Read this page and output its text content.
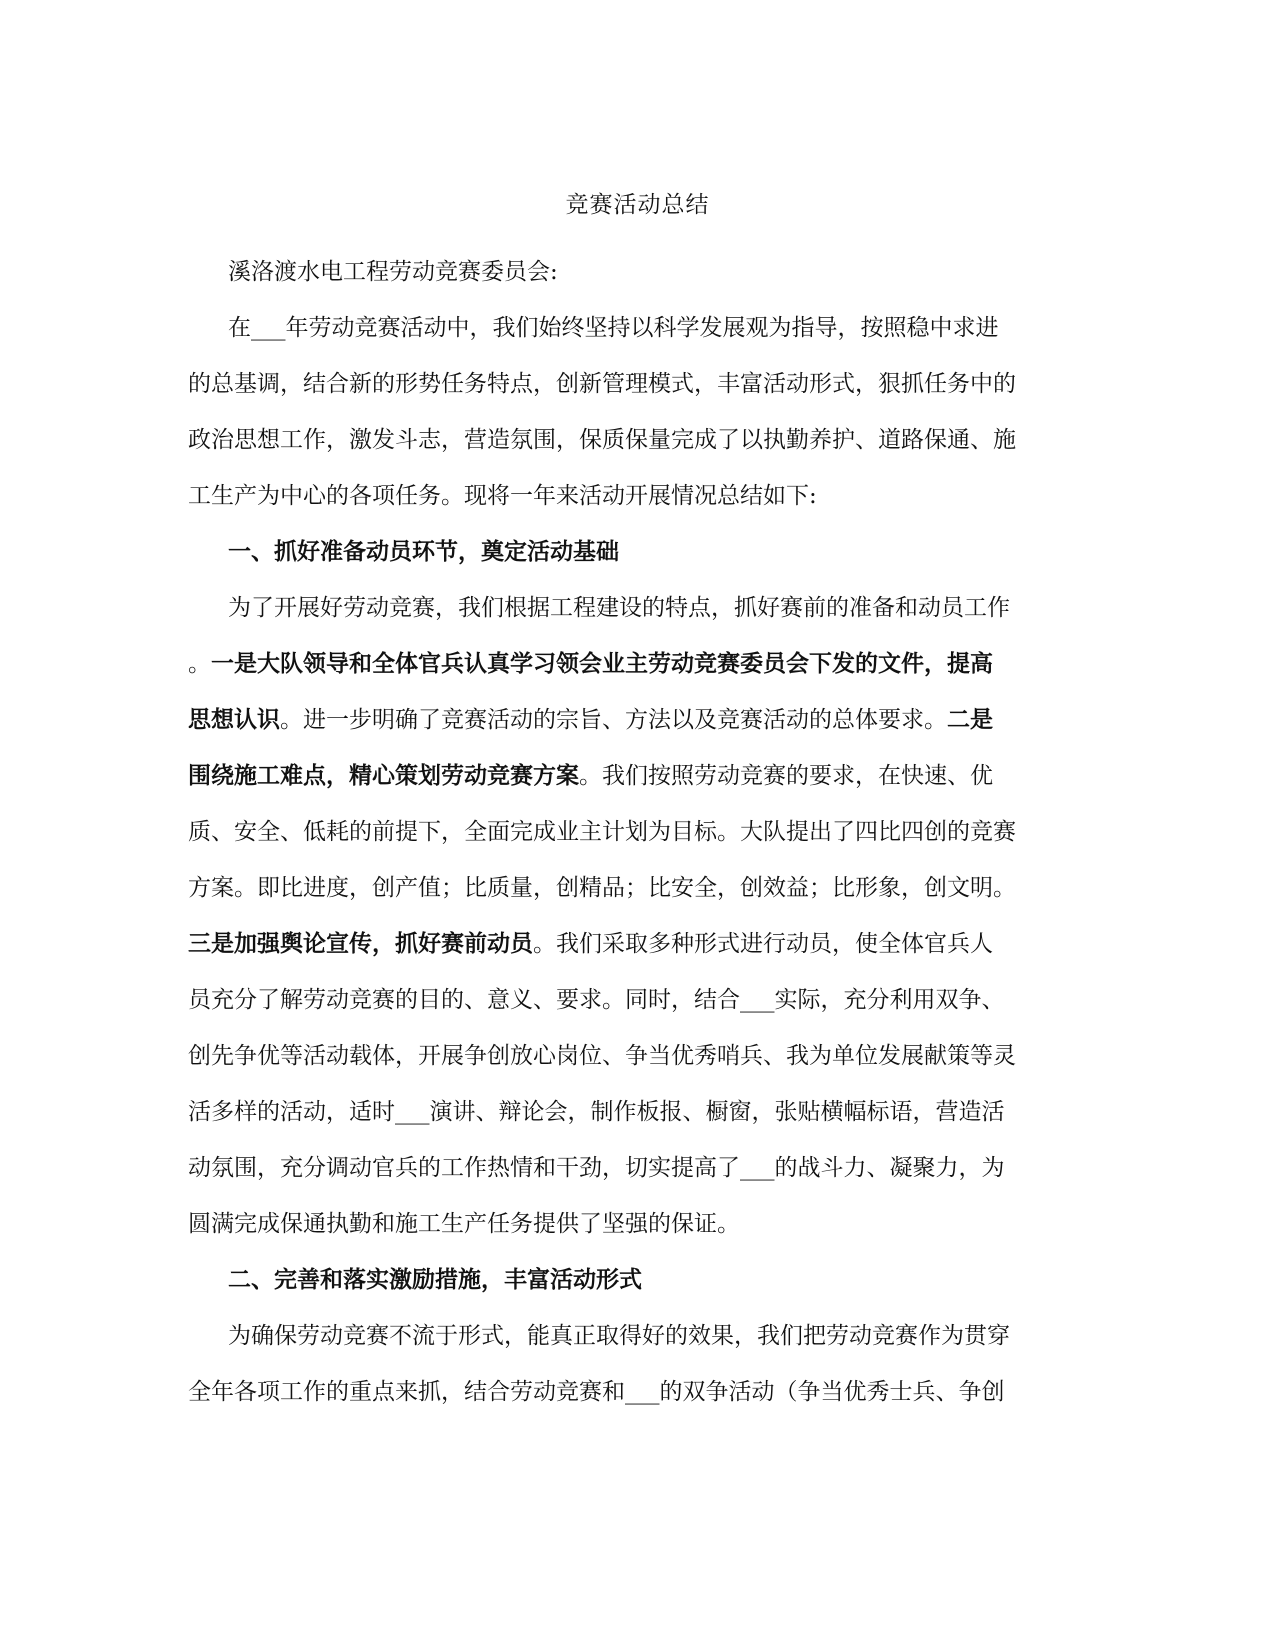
竞赛活动总结
溪洛渡水电工程劳动竞赛委员会:
在___年劳动竞赛活动中，我们始终坚持以科学发展观为指导，按照稳中求进
的总基调，结合新的形势任务特点，创新管理模式，丰富活动形式，狠抓任务中的
政治思想工作，激发斗志，营造氛围，保质保量完成了以执勤养护、道路保通、施
工生产为中心的各项任务。现将一年来活动开展情况总结如下:
一、抓好准备动员环节，奠定活动基础
为了开展好劳动竞赛，我们根据工程建设的特点，抓好赛前的准备和动员工作
。一是大队领导和全体官兵认真学习领会业主劳动竞赛委员会下发的文件，提高
思想认识。进一步明确了竞赛活动的宗旨、方法以及竞赛活动的总体要求。二是
围绕施工难点，精心策划劳动竞赛方案。我们按照劳动竞赛的要求，在快速、优
质、安全、低耗的前提下，全面完成业主计划为目标。大队提出了四比四创的竞赛
方案。即比进度，创产值；比质量，创精品；比安全，创效益；比形象，创文明。
三是加强舆论宣传，抓好赛前动员。我们采取多种形式进行动员，使全体官兵人
员充分了解劳动竞赛的目的、意义、要求。同时，结合___实际，充分利用双争、
创先争优等活动载体，开展争创放心岗位、争当优秀哨兵、我为单位发展献策等灵
活多样的活动，适时___演讲、辩论会，制作板报、橱窗，张贴横幅标语，营造活
动氛围，充分调动官兵的工作热情和干劲，切实提高了___的战斗力、凝聚力，为
圆满完成保通执勤和施工生产任务提供了坚强的保证。
二、完善和落实激励措施，丰富活动形式
为确保劳动竞赛不流于形式，能真正取得好的效果，我们把劳动竞赛作为贯穿
全年各项工作的重点来抓，结合劳动竞赛和___的双争活动（争当优秀士兵、争创
